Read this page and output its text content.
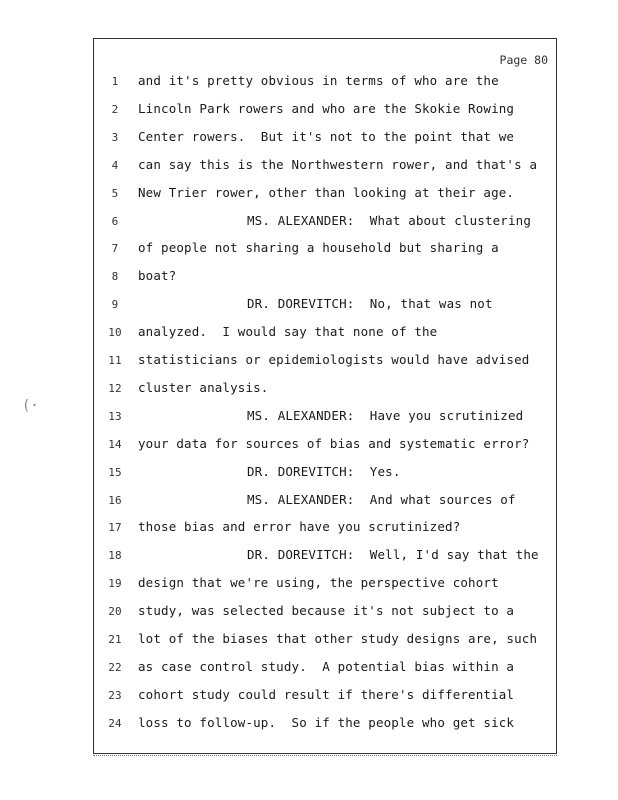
Page 80
1	and it's pretty obvious in terms of who are the
2	Lincoln Park rowers and who are the Skokie Rowing
3	Center rowers.  But it's not to the point that we
4	can say this is the Northwestern rower, and that's a
5	New Trier rower, other than looking at their age.
6	MS. ALEXANDER:  What about clustering
7	of people not sharing a household but sharing a
8	boat?
9	DR. DOREVITCH:  No, that was not
10	analyzed.  I would say that none of the
11	statisticians or epidemiologists would have advised
12	cluster analysis.
13	MS. ALEXANDER:  Have you scrutinized
14	your data for sources of bias and systematic error?
15	DR. DOREVITCH:  Yes.
16	MS. ALEXANDER:  And what sources of
17	those bias and error have you scrutinized?
18	DR. DOREVITCH:  Well, I'd say that the
19	design that we're using, the perspective cohort
20	study, was selected because it's not subject to a
21	lot of the biases that other study designs are, such
22	as case control study.  A potential bias within a
23	cohort study could result if there's differential
24	loss to follow-up.  So if the people who get sick
(·
